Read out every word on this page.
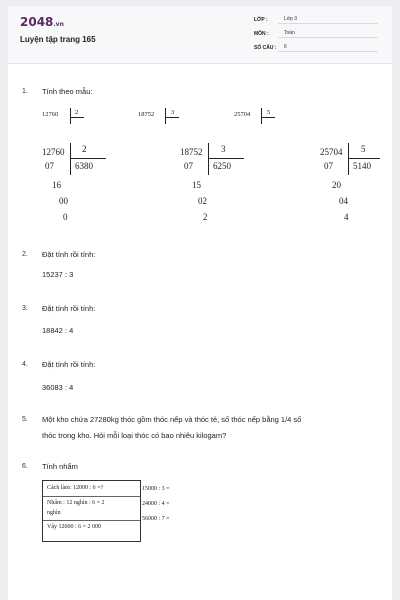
2048.vn
Luyện tập trang 165
LỚP :	Lớp 3
MÔN :	Toán
SỐ CÂU :	6
1. Tính theo mẫu:
12760	2	18752	3	25704	5
12760 2
6380
07
16
00
0
18752 3
6250
07
15
02
2
25704 5
5140
07
20
04
4
2. Đặt tính rồi tính:
15237 : 3
3. Đặt tính rồi tính:
18842 : 4
4. Đặt tính rồi tính:
36083 : 4
5. Một kho chứa 27280kg thóc gồm thóc nếp và thóc tẻ, số thóc nếp bằng 1/4 số
thóc trong kho. Hỏi mỗi loại thóc có bao nhiêu kilogam?
6. Tính nhẩm
Cách làm: 12000 : 6 =?
Nhẩm : 12 nghìn : 6 = 2
nghìn
Vậy 12000 : 6 = 2 000
15000 : 3 =
24000 : 4 =
56000 : 7 =
